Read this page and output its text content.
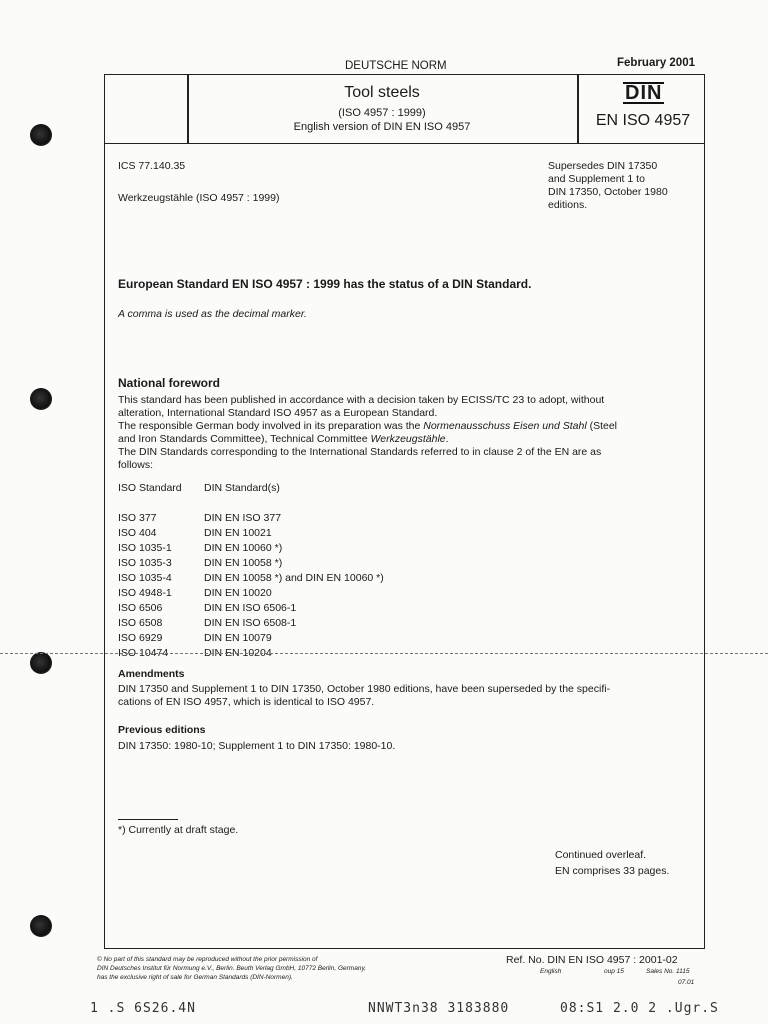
DEUTSCHE NORM	February 2001
Tool steels
(ISO 4957 : 1999)
English version of DIN EN ISO 4957
DIN
EN ISO 4957
ICS 77.140.35
Werkzeugstähle (ISO 4957 : 1999)
Supersedes DIN 17350
and Supplement 1 to
DIN 17350, October 1980
editions.
European Standard EN ISO 4957 : 1999 has the status of a DIN Standard.
A comma is used as the decimal marker.
National foreword
This standard has been published in accordance with a decision taken by ECISS/TC 23 to adopt, without
alteration, International Standard ISO 4957 as a European Standard.
The responsible German body involved in its preparation was the Normenausschuss Eisen und Stahl (Steel
and Iron Standards Committee), Technical Committee Werkzeugstähle.
The DIN Standards corresponding to the International Standards referred to in clause 2 of the EN are as
follows:
ISO Standard	DIN Standard(s)

ISO 377	DIN EN ISO 377
ISO 404	DIN EN 10021
ISO 1035-1	DIN EN 10060 *)
ISO 1035-3	DIN EN 10058 *)
ISO 1035-4	DIN EN 10058 *) and DIN EN 10060 *)
ISO 4948-1	DIN EN 10020
ISO 6506	DIN EN ISO 6506-1
ISO 6508	DIN EN ISO 6508-1
ISO 6929	DIN EN 10079
ISO 10474	DIN EN 10204
Amendments
DIN 17350 and Supplement 1 to DIN 17350, October 1980 editions, have been superseded by the specifi-
cations of EN ISO 4957, which is identical to ISO 4957.
Previous editions
DIN 17350: 1980-10; Supplement 1 to DIN 17350: 1980-10.
*) Currently at draft stage.
Continued overleaf.
EN comprises 33 pages.
© No part of this standard may be reproduced without the prior permission of
DIN Deutsches Institut für Normung e.V., Berlin. Beuth Verlag GmbH, 10772 Berlin, Germany,
has the exclusive right of sale for German Standards (DIN-Normen).
Ref. No. DIN EN ISO 4957 : 2001-02
English	oup 15	Sales No. 1115
07.01
1 .S 6S26.4N	NNWT3n38 3183880	08:S1 2.0 2 .Ugr.S
